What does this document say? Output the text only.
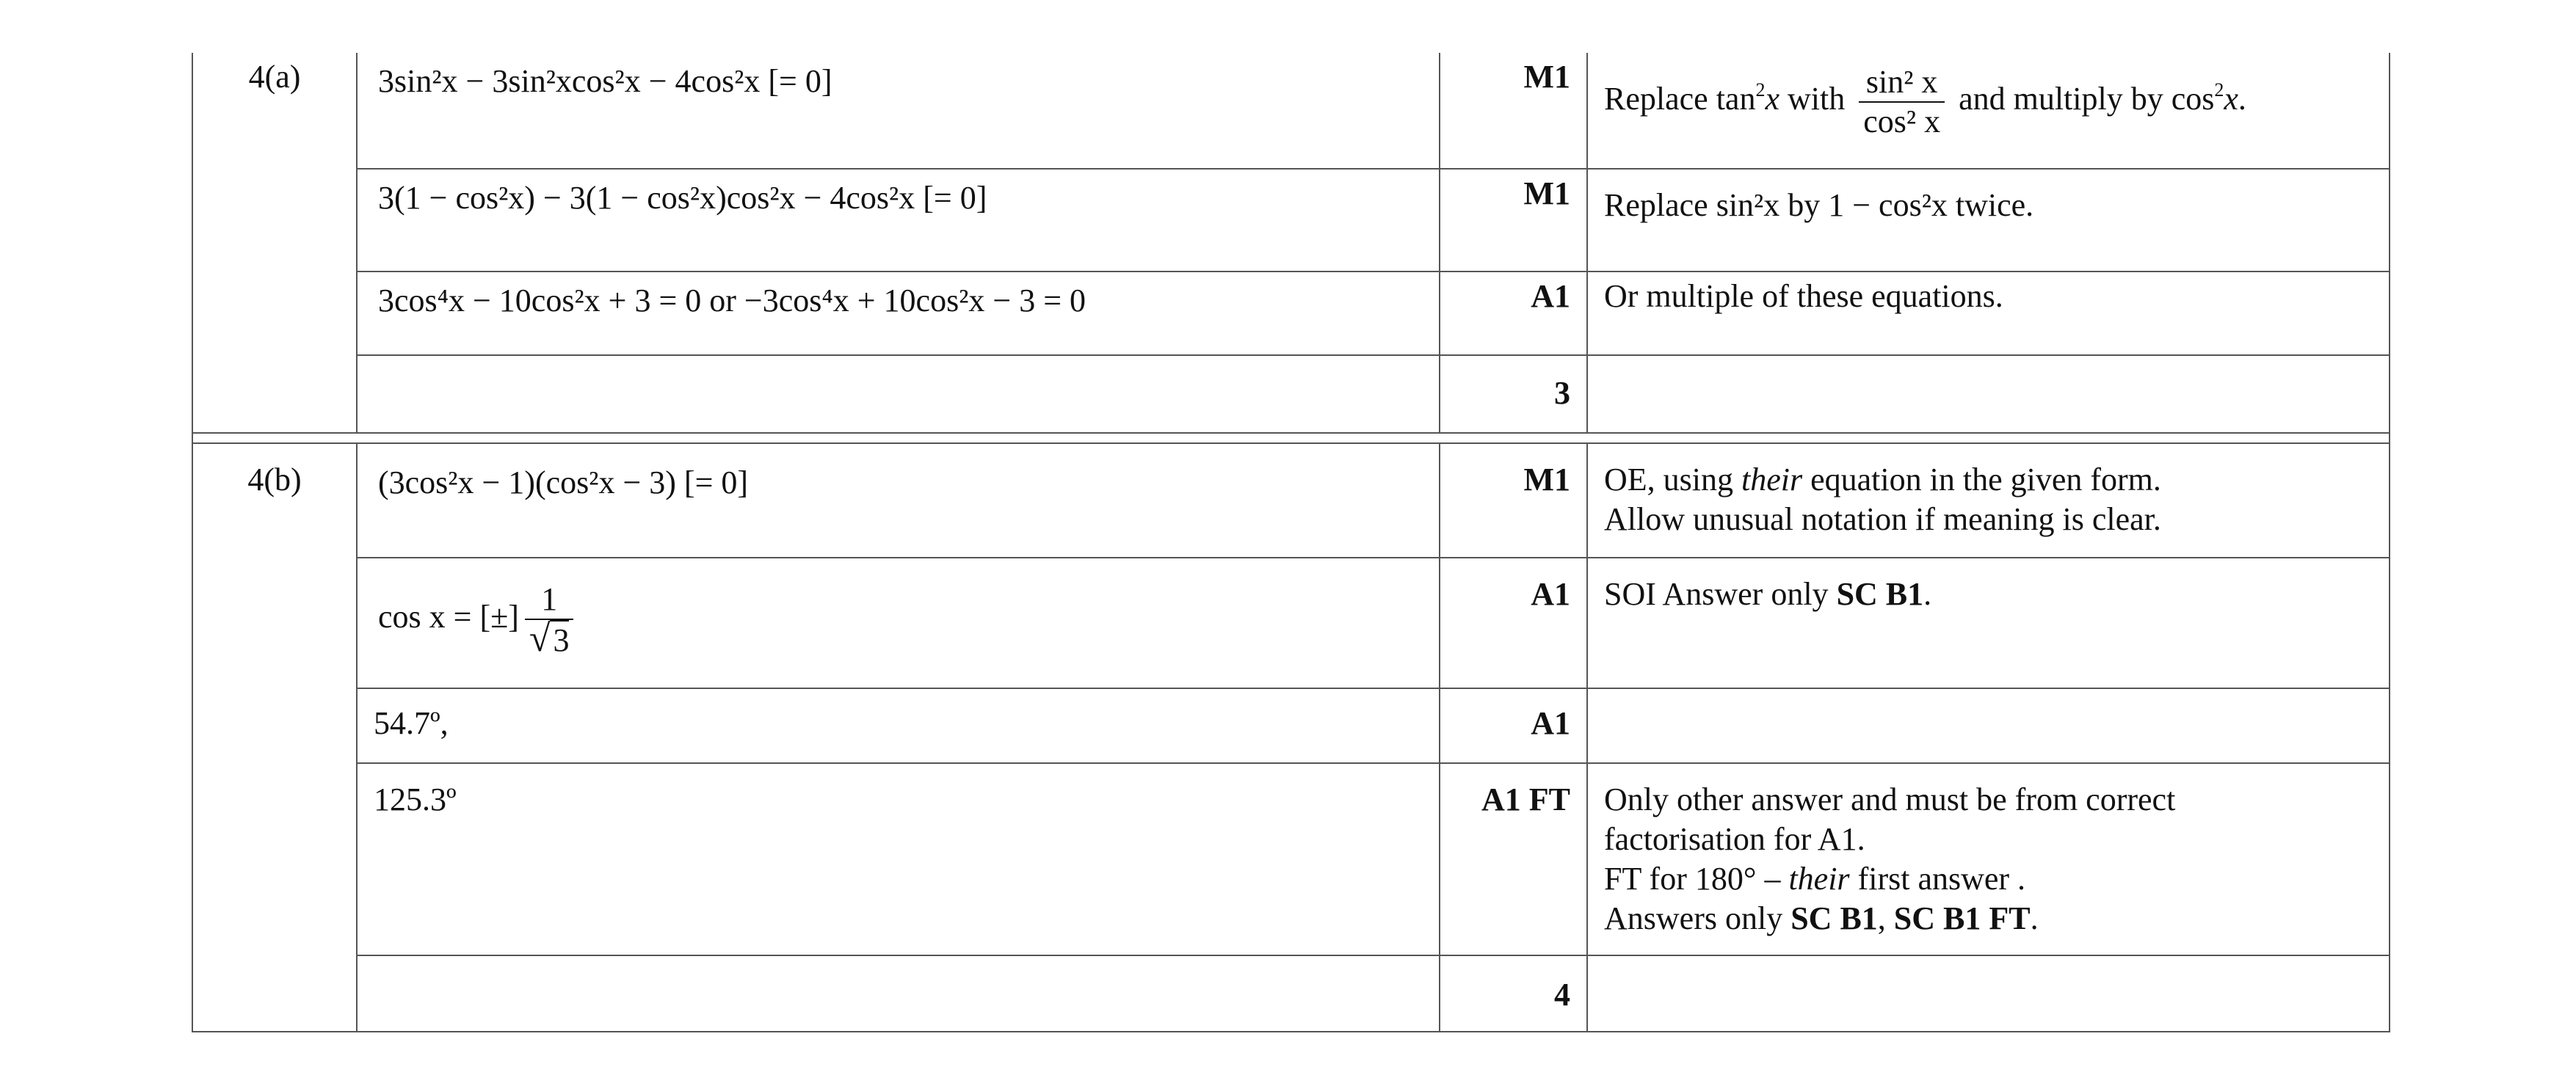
4(a)	3sin²x − 3sin²xcos²x − 4cos²x [= 0]	M1	Replace $\tan^2x$ with $\frac{\text{sin² x}}{\text{cos² x}}$ and multiply by $\cos^2x$.
	3(1 − cos²x) − 3(1 − cos²x)cos²x − 4cos²x [= 0]	M1	Replace sin²x by 1 − cos²x twice.
	3cos⁴x − 10cos²x + 3 = 0 or −3cos⁴x + 10cos²x − 3 = 0	A1	Or multiple of these equations.
		3	

4(b)	(3cos²x − 1)(cos²x − 3) [= 0]	M1	OE, using their equation in the given form.
Allow unusual notation if meaning is clear.

	cos x = [±] $\frac{1}{√3}$	A1	SOI Answer only SC B1.
	54.7º,	A1	
	125.3º	A1 FT	Only other answer and must be from correct
factorisation for A1.
FT for 180° – their first answer .
Answers only SC B1, SC B1 FT.

		4	
